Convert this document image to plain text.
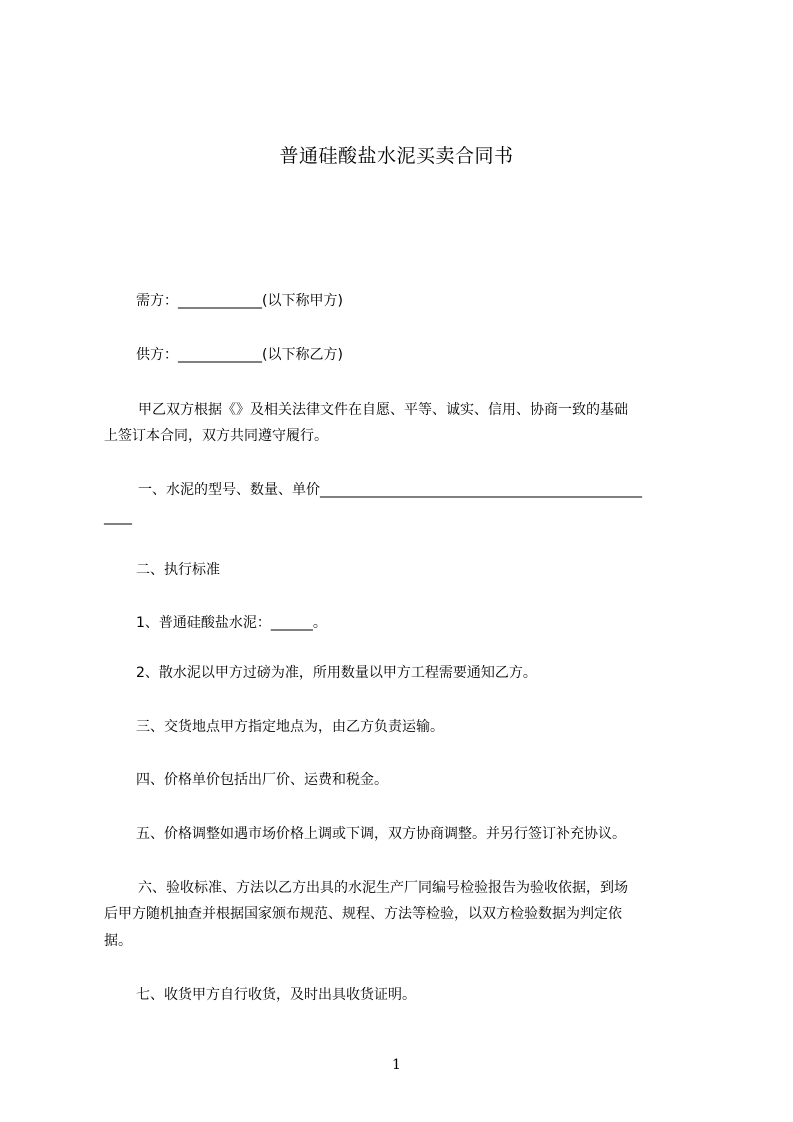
普通硅酸盐水泥买卖合同书
需方：____________(以下称甲方)
供方：____________(以下称乙方)
甲乙双方根据《》及相关法律文件在自愿、平等、诚实、信用、协商一致的基础
上签订本合同，双方共同遵守履行。
一、水泥的型号、数量、单价______________________________________________
____
二、执行标准
1、普通硅酸盐水泥：______。
2、散水泥以甲方过磅为准，所用数量以甲方工程需要通知乙方。
三、交货地点甲方指定地点为，由乙方负责运输。
四、价格单价包括出厂价、运费和税金。
五、价格调整如遇市场价格上调或下调，双方协商调整。并另行签订补充协议。
六、验收标准、方法以乙方出具的水泥生产厂同编号检验报告为验收依据，到场
后甲方随机抽查并根据国家颁布规范、规程、方法等检验，以双方检验数据为判定依
据。
七、收货甲方自行收货，及时出具收货证明。
1
